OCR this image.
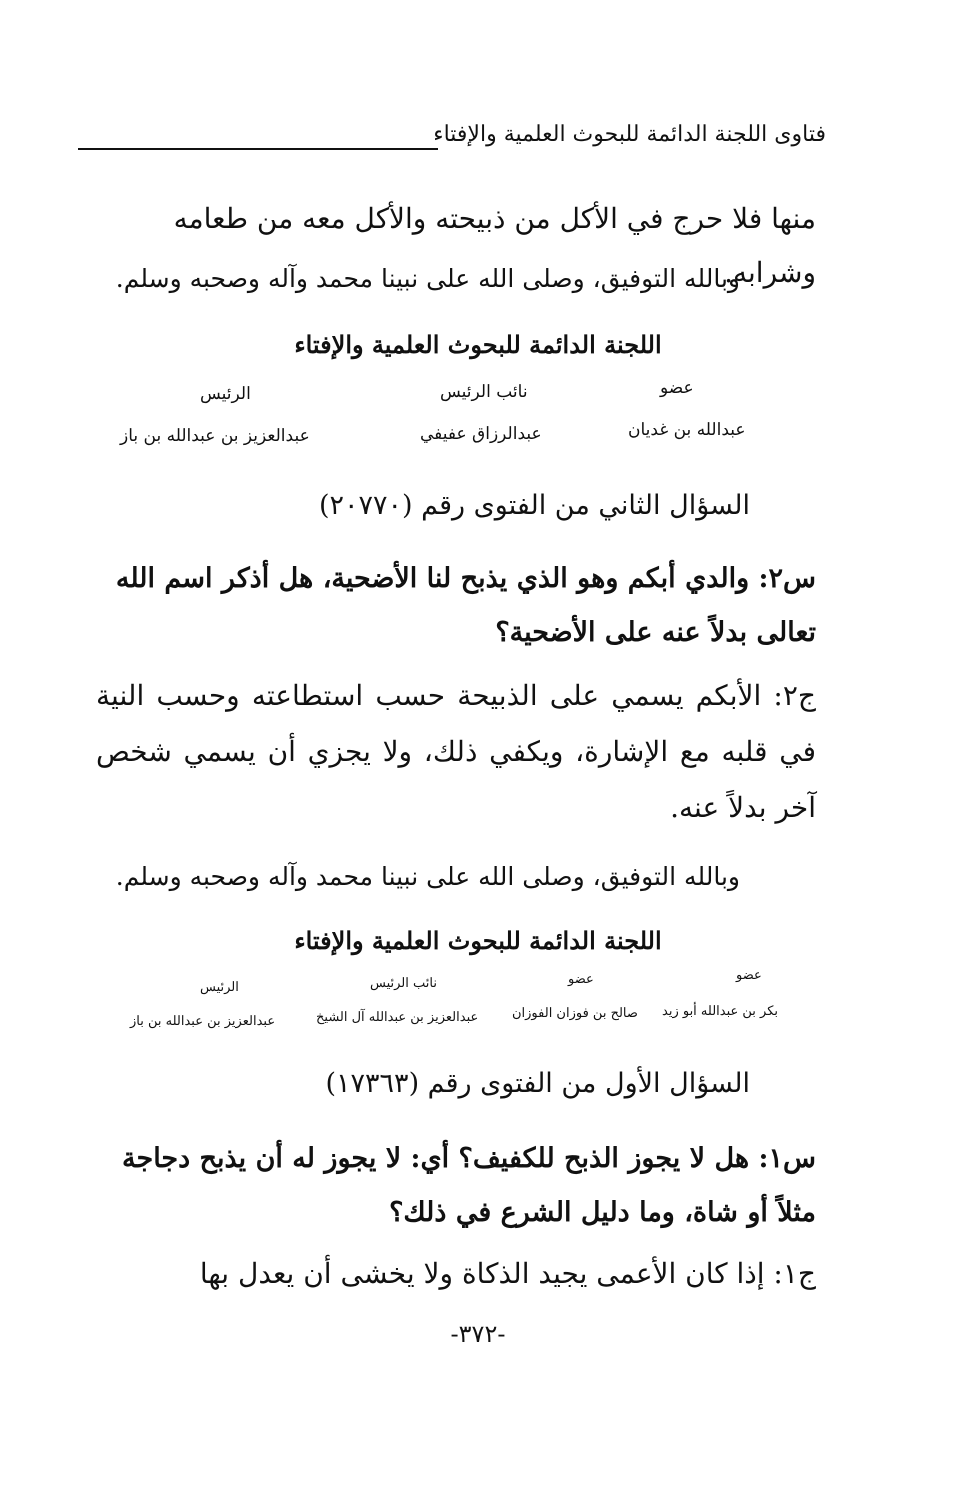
فتاوى اللجنة الدائمة للبحوث العلمية والإفتاء
منها فلا حرج في الأكل من ذبيحته والأكل معه من طعامه وشرابه.
وبالله التوفيق، وصلى الله على نبينا محمد وآله وصحبه وسلم.
اللجنة الدائمة للبحوث العلمية والإفتاء
عضو
نائب الرئيس
الرئيس
عبدالله بن غديان
عبدالرزاق عفيفي
عبدالعزيز بن عبدالله بن باز
السؤال الثاني من الفتوى رقم (٢٠٧٧٠)
س٢: والدي أبكم وهو الذي يذبح لنا الأضحية، هل أذكر اسم الله تعالى بدلاً عنه على الأضحية؟
ج٢: الأبكم يسمي على الذبيحة حسب استطاعته وحسب النية في قلبه مع الإشارة، ويكفي ذلك، ولا يجزي أن يسمي شخص آخر بدلاً عنه.
وبالله التوفيق، وصلى الله على نبينا محمد وآله وصحبه وسلم.
اللجنة الدائمة للبحوث العلمية والإفتاء
عضو
عضو
نائب الرئيس
الرئيس
بكر بن عبدالله أبو زيد
صالح بن فوزان الفوزان
عبدالعزيز بن عبدالله آل الشيخ
عبدالعزيز بن عبدالله بن باز
السؤال الأول من الفتوى رقم (١٧٣٦٣)
س١: هل لا يجوز الذبح للكفيف؟ أي: لا يجوز له أن يذبح دجاجة مثلاً أو شاة، وما دليل الشرع في ذلك؟
ج١: إذا كان الأعمى يجيد الذكاة ولا يخشى أن يعدل بها
-٣٧٢-
